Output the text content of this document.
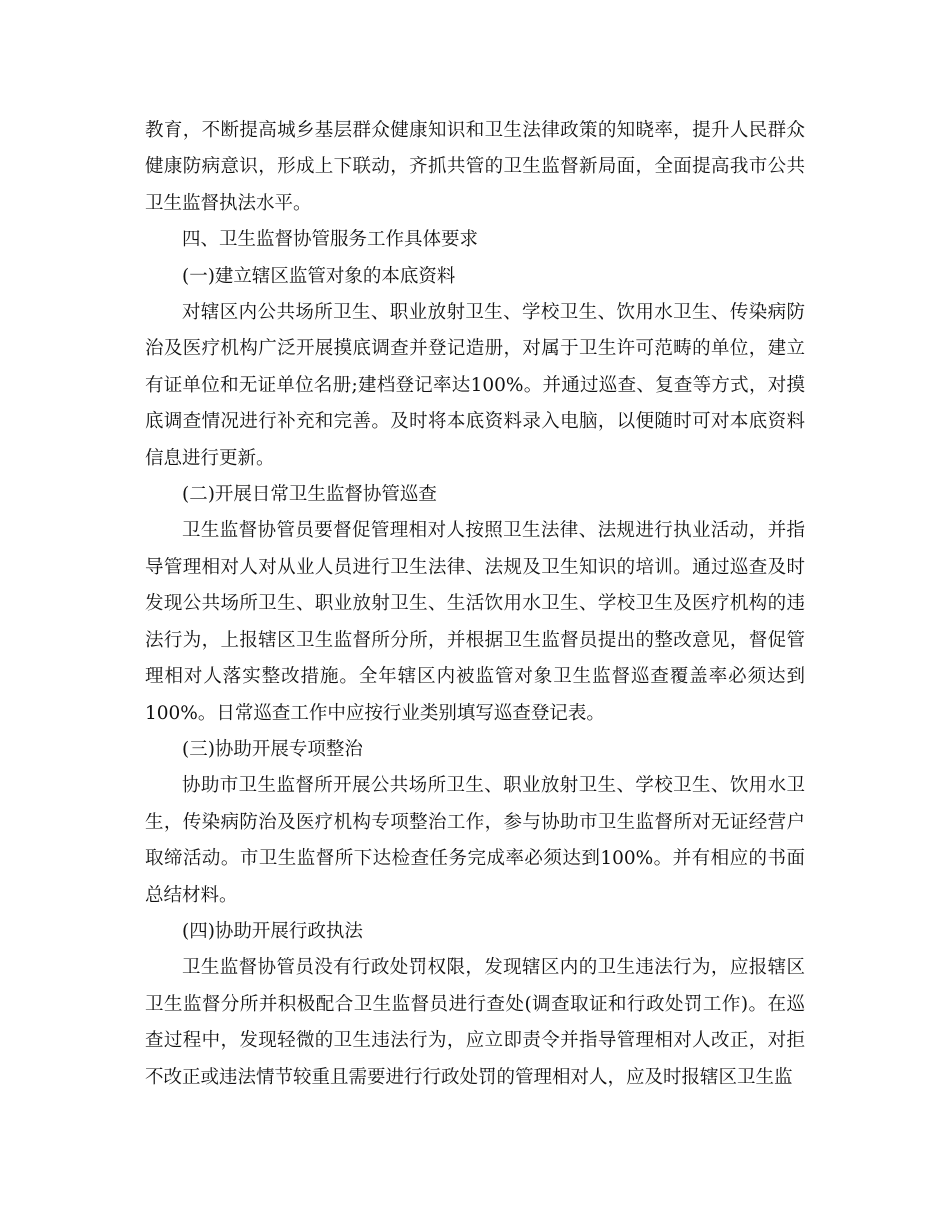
教育，不断提高城乡基层群众健康知识和卫生法律政策的知晓率，提升人民群众健康防病意识，形成上下联动，齐抓共管的卫生监督新局面，全面提高我市公共卫生监督执法水平。

四、卫生监督协管服务工作具体要求

(一)建立辖区监管对象的本底资料

对辖区内公共场所卫生、职业放射卫生、学校卫生、饮用水卫生、传染病防治及医疗机构广泛开展摸底调查并登记造册，对属于卫生许可范畴的单位，建立有证单位和无证单位名册;建档登记率达100%。并通过巡查、复查等方式，对摸底调查情况进行补充和完善。及时将本底资料录入电脑，以便随时可对本底资料信息进行更新。

(二)开展日常卫生监督协管巡查

卫生监督协管员要督促管理相对人按照卫生法律、法规进行执业活动，并指导管理相对人对从业人员进行卫生法律、法规及卫生知识的培训。通过巡查及时发现公共场所卫生、职业放射卫生、生活饮用水卫生、学校卫生及医疗机构的违法行为，上报辖区卫生监督所分所，并根据卫生监督员提出的整改意见，督促管理相对人落实整改措施。全年辖区内被监管对象卫生监督巡查覆盖率必须达到100%。日常巡查工作中应按行业类别填写巡查登记表。

(三)协助开展专项整治

协助市卫生监督所开展公共场所卫生、职业放射卫生、学校卫生、饮用水卫生，传染病防治及医疗机构专项整治工作，参与协助市卫生监督所对无证经营户取缔活动。市卫生监督所下达检查任务完成率必须达到100%。并有相应的书面总结材料。

(四)协助开展行政执法

卫生监督协管员没有行政处罚权限，发现辖区内的卫生违法行为，应报辖区卫生监督分所并积极配合卫生监督员进行查处(调查取证和行政处罚工作)。在巡查过程中，发现轻微的卫生违法行为，应立即责令并指导管理相对人改正，对拒不改正或违法情节较重且需要进行行政处罚的管理相对人，应及时报辖区卫生监
